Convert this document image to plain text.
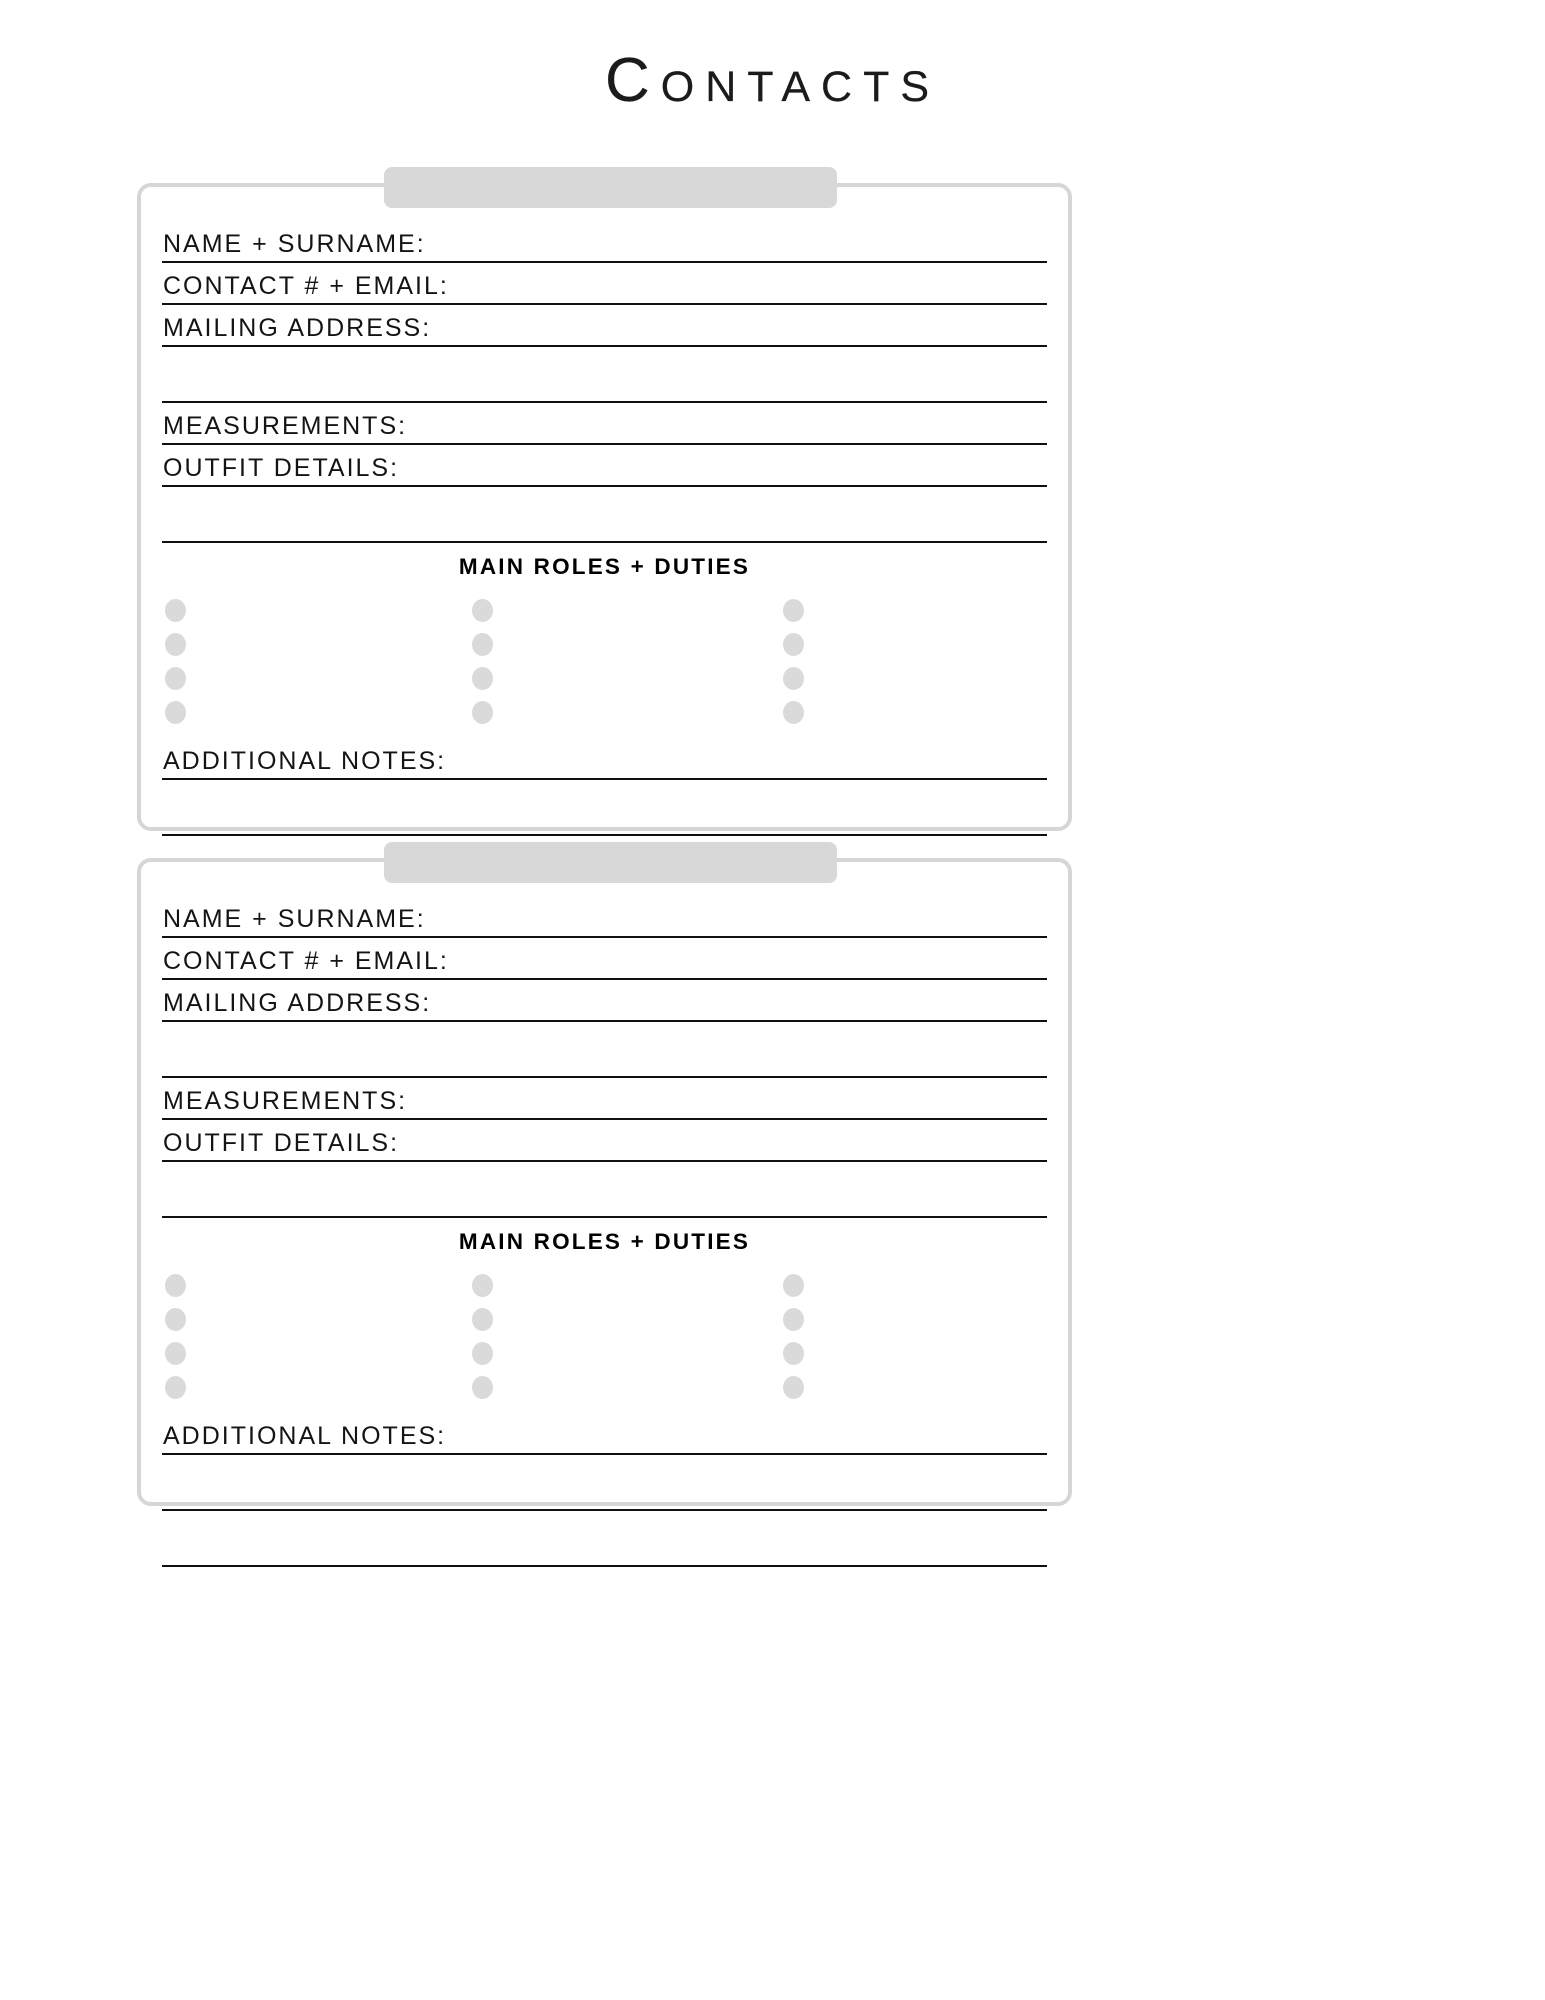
Contacts
NAME + SURNAME:
CONTACT # + EMAIL:
MAILING ADDRESS:
MEASUREMENTS:
OUTFIT DETAILS:
MAIN ROLES + DUTIES
ADDITIONAL NOTES:
NAME + SURNAME:
CONTACT # + EMAIL:
MAILING ADDRESS:
MEASUREMENTS:
OUTFIT DETAILS:
MAIN ROLES + DUTIES
ADDITIONAL NOTES:
